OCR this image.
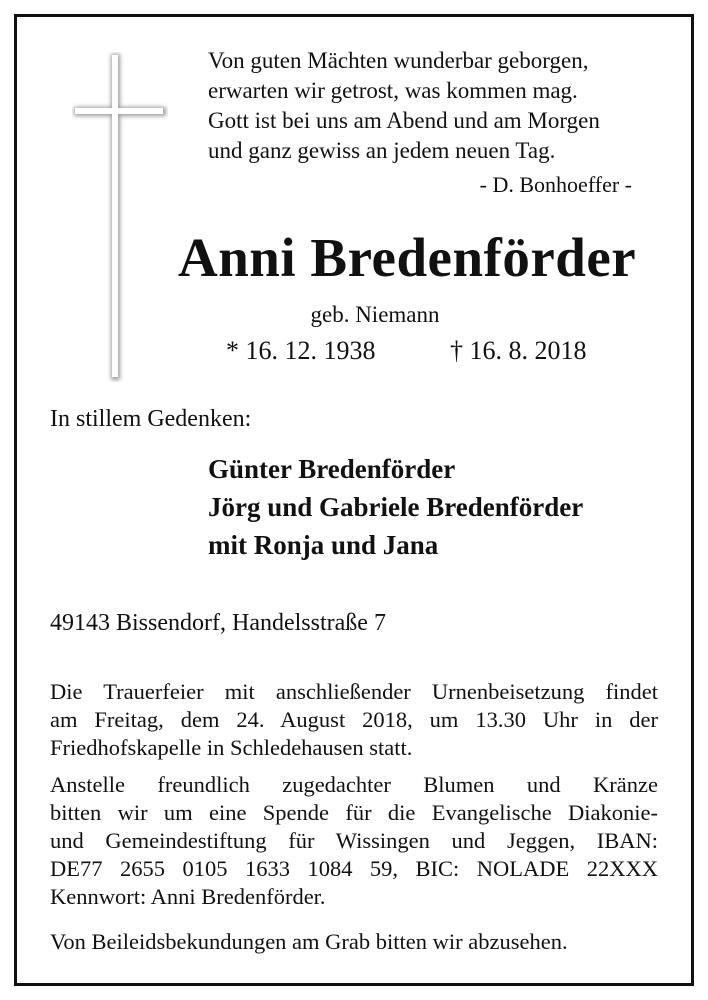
Von guten Mächten wunderbar geborgen,
erwarten wir getrost, was kommen mag.
Gott ist bei uns am Abend und am Morgen
und ganz gewiss an jedem neuen Tag.
- D. Bonhoeffer -
Anni Bredenförder
geb. Niemann
* 16. 12. 1938	† 16. 8. 2018
In stillem Gedenken:
Günter Bredenförder
Jörg und Gabriele Bredenförder
mit Ronja und Jana
49143 Bissendorf, Handelsstraße 7
Die Trauerfeier mit anschließender Urnenbeisetzung findet
am Freitag, dem 24. August 2018, um 13.30 Uhr in der
Friedhofskapelle in Schledehausen statt.
Anstelle freundlich zugedachter Blumen und Kränze
bitten wir um eine Spende für die Evangelische Diakonie-
und Gemeindestiftung für Wissingen und Jeggen, IBAN:
DE77 2655 0105 1633 1084 59, BIC: NOLADE 22XXX
Kennwort: Anni Bredenförder.
Von Beileidsbekundungen am Grab bitten wir abzusehen.
